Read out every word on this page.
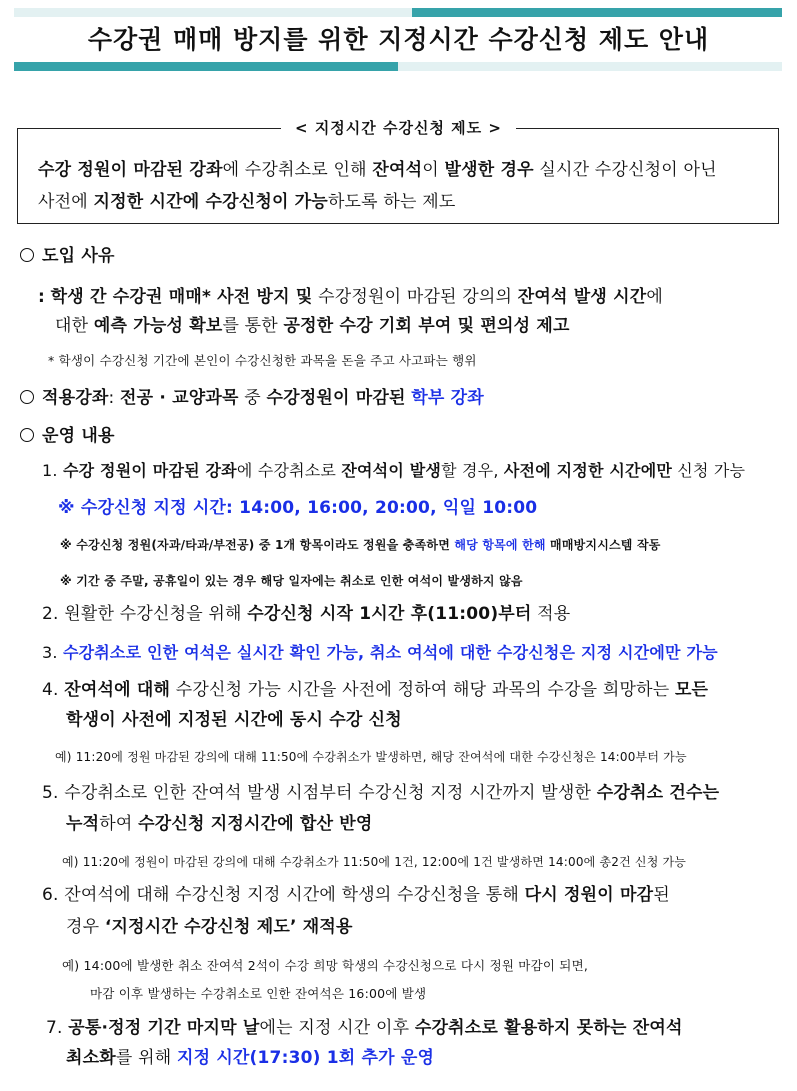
수강권 매매 방지를 위한 지정시간 수강신청 제도 안내
< 지정시간 수강신청 제도 >
수강 정원이 마감된 강좌에 수강취소로 인해 잔여석이 발생한 경우 실시간 수강신청이 아닌
사전에 지정한 시간에 수강신청이 가능하도록 하는 제도
도입 사유
: 학생 간 수강권 매매* 사전 방지 및 수강정원이 마감된 강의의 잔여석 발생 시간에
대한 예측 가능성 확보를 통한 공정한 수강 기회 부여 및 편의성 제고
* 학생이 수강신청 기간에 본인이 수강신청한 과목을 돈을 주고 사고파는 행위
적용강좌: 전공 · 교양과목 중 수강정원이 마감된 학부 강좌
운영 내용
1. 수강 정원이 마감된 강좌에 수강취소로 잔여석이 발생할 경우, 사전에 지정한 시간에만 신청 가능
※ 수강신청 지정 시간: 14:00, 16:00, 20:00, 익일 10:00
※ 수강신청 정원(자과/타과/부전공) 중 1개 항목이라도 정원을 충족하면 해당 항목에 한해 매매방지시스템 작동
※ 기간 중 주말, 공휴일이 있는 경우 해당 일자에는 취소로 인한 여석이 발생하지 않음
2. 원활한 수강신청을 위해 수강신청 시작 1시간 후(11:00)부터 적용
3. 수강취소로 인한 여석은 실시간 확인 가능, 취소 여석에 대한 수강신청은 지정 시간에만 가능
4. 잔여석에 대해 수강신청 가능 시간을 사전에 정하여 해당 과목의 수강을 희망하는 모든
학생이 사전에 지정된 시간에 동시 수강 신청
예) 11:20에 정원 마감된 강의에 대해 11:50에 수강취소가 발생하면, 해당 잔여석에 대한 수강신청은 14:00부터 가능
5. 수강취소로 인한 잔여석 발생 시점부터 수강신청 지정 시간까지 발생한 수강취소 건수는
누적하여 수강신청 지정시간에 합산 반영
예) 11:20에 정원이 마감된 강의에 대해 수강취소가 11:50에 1건, 12:00에 1건 발생하면 14:00에 총2건 신청 가능
6. 잔여석에 대해 수강신청 지정 시간에 학생의 수강신청을 통해 다시 정원이 마감된
경우 ‘지정시간 수강신청 제도’ 재적용
예) 14:00에 발생한 취소 잔여석 2석이 수강 희망 학생의 수강신청으로 다시 정원 마감이 되면,
마감 이후 발생하는 수강취소로 인한 잔여석은 16:00에 발생
7. 공통·정정 기간 마지막 날에는 지정 시간 이후 수강취소로 활용하지 못하는 잔여석
최소화를 위해 지정 시간(17:30) 1회 추가 운영
